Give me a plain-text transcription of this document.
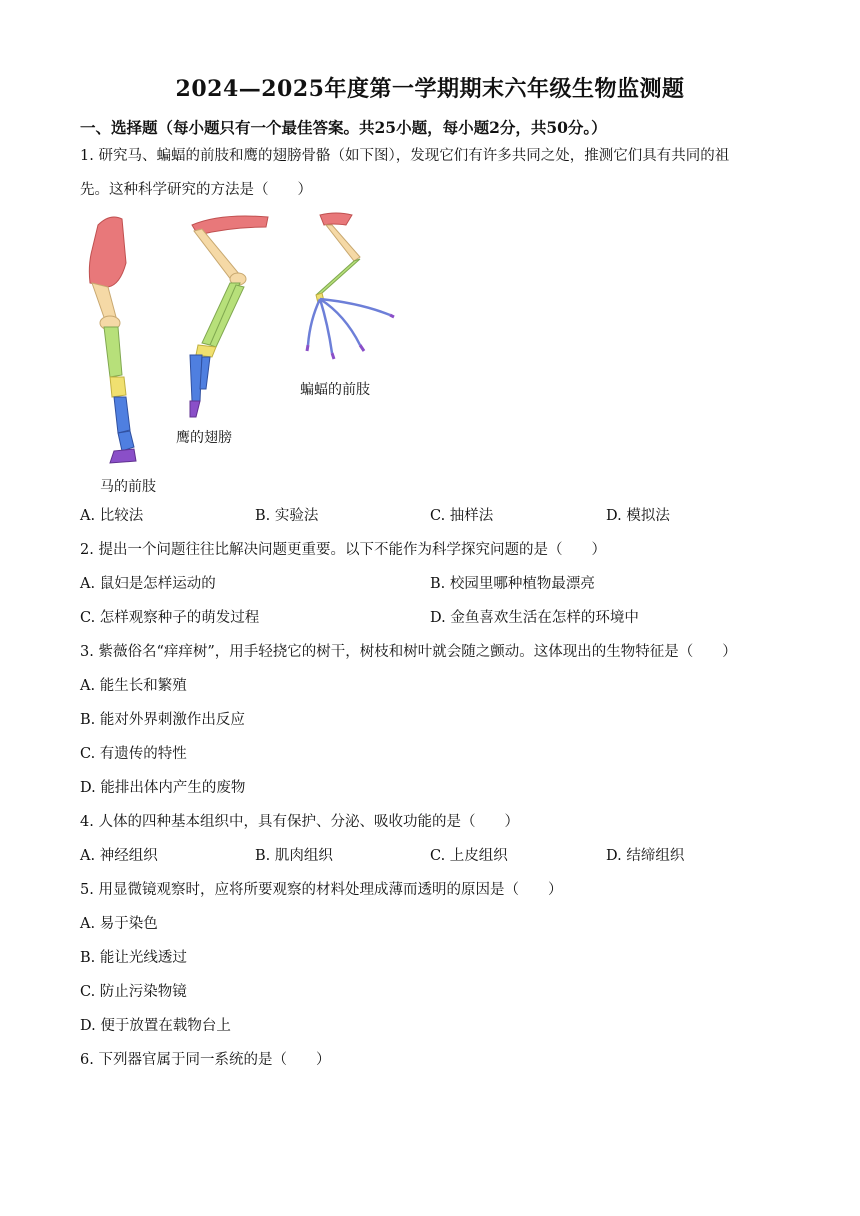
2024—2025年度第一学期期末六年级生物监测题
一、选择题（每小题只有一个最佳答案。共25小题，每小题2分，共50分。）
1. 研究马、蝙蝠的前肢和鹰的翅膀骨骼（如下图），发现它们有许多共同之处，推测它们具有共同的祖
先。这种科学研究的方法是（　　）
马的前肢
鹰的翅膀
蝙蝠的前肢
A. 比较法	B. 实验法	C. 抽样法	D. 模拟法
2. 提出一个问题往往比解决问题更重要。以下不能作为科学探究问题的是（　　）
A. 鼠妇是怎样运动的	B. 校园里哪种植物最漂亮
C. 怎样观察种子的萌发过程	D. 金鱼喜欢生活在怎样的环境中
3. 紫薇俗名“痒痒树”，用手轻挠它的树干，树枝和树叶就会随之颤动。这体现出的生物特征是（　　）
A. 能生长和繁殖
B. 能对外界刺激作出反应
C. 有遗传的特性
D. 能排出体内产生的废物
4. 人体的四种基本组织中，具有保护、分泌、吸收功能的是（　　）
A. 神经组织	B. 肌肉组织	C. 上皮组织	D. 结缔组织
5. 用显微镜观察时，应将所要观察的材料处理成薄而透明的原因是（　　）
A. 易于染色
B. 能让光线透过
C. 防止污染物镜
D. 便于放置在载物台上
6. 下列器官属于同一系统的是（　　）
